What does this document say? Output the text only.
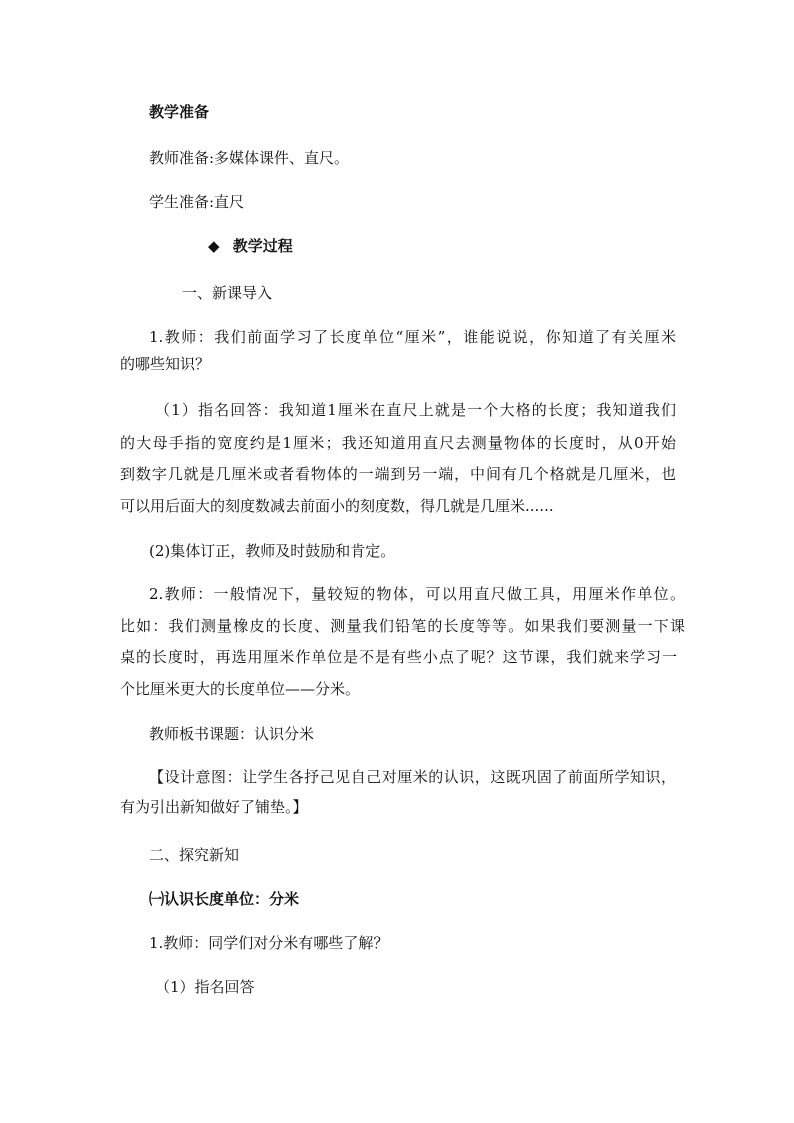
教学准备
教师准备:多媒体课件、直尺。
学生准备:直尺
◆ 教学过程
一、新课导入
1.教师：我们前面学习了长度单位“厘米”，谁能说说，你知道了有关厘米
的哪些知识？
（1）指名回答：我知道1厘米在直尺上就是一个大格的长度；我知道我们
的大母手指的宽度约是1厘米；我还知道用直尺去测量物体的长度时，从0开始
到数字几就是几厘米或者看物体的一端到另一端，中间有几个格就是几厘米，也
可以用后面大的刻度数减去前面小的刻度数，得几就是几厘米......
(2)集体订正，教师及时鼓励和肯定。
2.教师：一般情况下，量较短的物体，可以用直尺做工具，用厘米作单位。
比如：我们测量橡皮的长度、测量我们铅笔的长度等等。如果我们要测量一下课
桌的长度时，再选用厘米作单位是不是有些小点了呢？这节课，我们就来学习一
个比厘米更大的长度单位——分米。
教师板书课题：认识分米
【设计意图：让学生各抒己见自己对厘米的认识，这既巩固了前面所学知识，
有为引出新知做好了铺垫。】
二、探究新知
㈠认识长度单位：分米
1.教师：同学们对分米有哪些了解？
（1）指名回答
